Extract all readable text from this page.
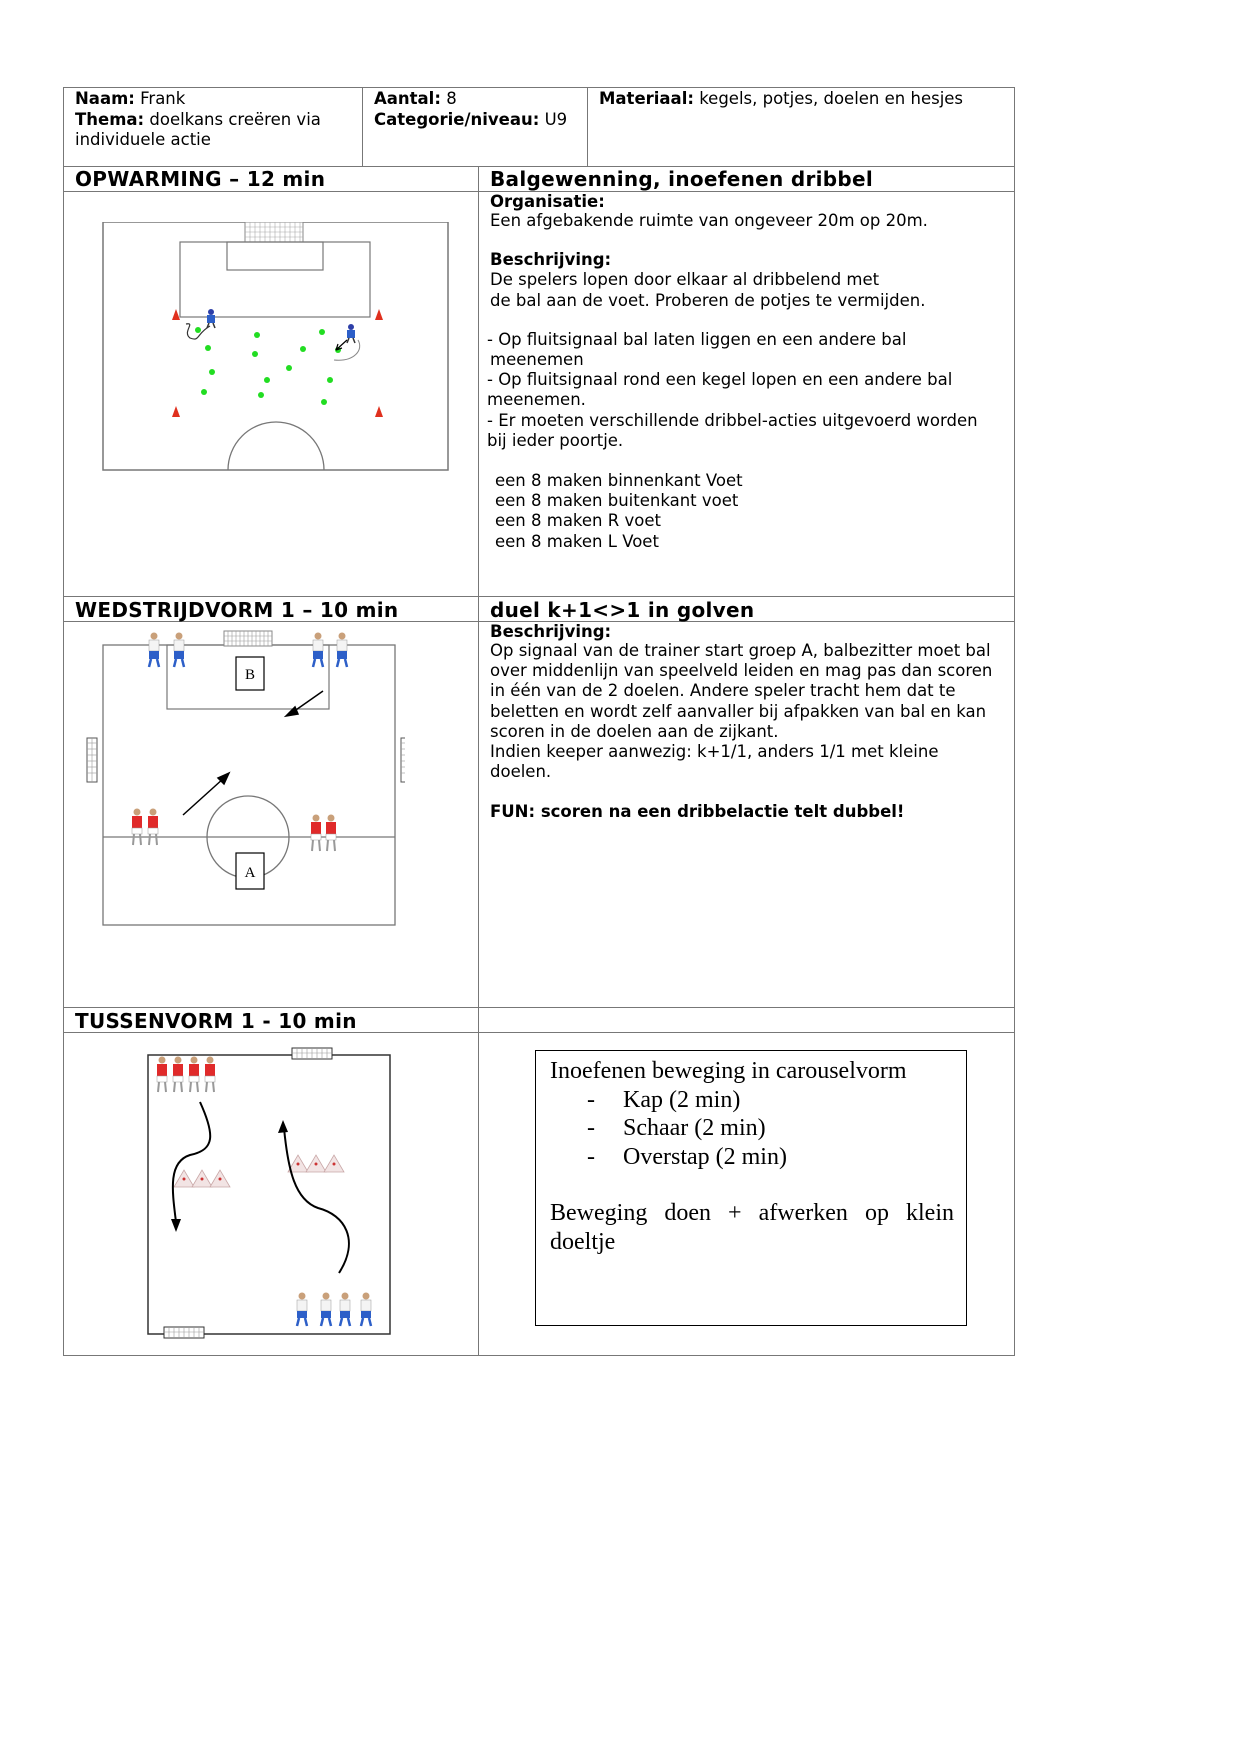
Naam: Frank
Thema: doelkans creëren via
individuele actie
Aantal: 8
Categorie/niveau: U9
Materiaal: kegels, potjes, doelen en hesjes
OPWARMING – 12 min	Balgewenning, inoefenen dribbel
Organisatie:
Een afgebakende ruimte van ongeveer 20m op 20m.
Beschrijving:
De spelers lopen door elkaar al dribbelend met
de bal aan de voet. Proberen de potjes te vermijden.
- Op fluitsignaal bal laten liggen en een andere bal
meenemen
- Op fluitsignaal rond een kegel lopen en een andere bal
meenemen.
- Er moeten verschillende dribbel-acties uitgevoerd worden
bij ieder poortje.
een 8 maken binnenkant Voet
een 8 maken buitenkant voet
een 8 maken R voet
een 8 maken L Voet
WEDSTRIJDVORM 1 – 10 min	duel k+1<>1 in golven
B
A
Beschrijving:
Op signaal van de trainer start groep A, balbezitter moet bal
over middenlijn van speelveld leiden en mag pas dan scoren
in één van de 2 doelen. Andere speler tracht hem dat te
beletten en wordt zelf aanvaller bij afpakken van bal en kan
scoren in de doelen aan de zijkant.
Indien keeper aanwezig: k+1/1, anders 1/1 met kleine
doelen.
FUN: scoren na een dribbelactie telt dubbel!
TUSSENVORM 1 - 10 min
Inoefenen beweging in carouselvorm
- Kap (2 min)
- Schaar (2 min)
- Overstap (2 min)
Beweging doen + afwerken op klein
doeltje
